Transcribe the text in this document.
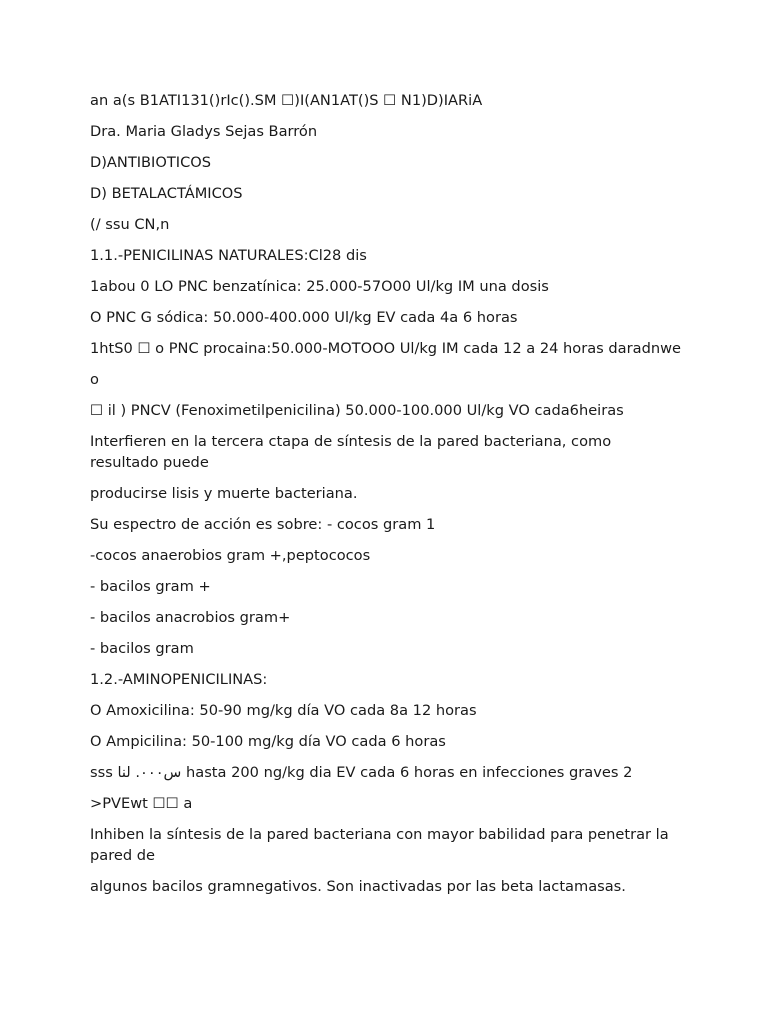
an a(s B1ATI131()rIc().SM ☐)I(AN1AT()S ☐ N1)D)IARiA

Dra. Maria Gladys Sejas Barrón

D)ANTIBIOTICOS

D) BETALACTÁMICOS

(/ ssu CN,n

1.1.-PENICILINAS NATURALES:Cl28 dis

1abou 0 LO PNC benzatínica: 25.000-57O00 Ul/kg IM una dosis

O PNC G sódica: 50.000-400.000 Ul/kg EV cada 4a 6 horas

1htS0 ☐ o PNC procaina:50.000-MOTOOO Ul/kg IM cada 12 a 24 horas daradnwe

o

☐ il ) PNCV (Fenoximetilpenicilina) 50.000-100.000 Ul/kg VO cada6heiras

Interfieren en la tercera ctapa de síntesis de la pared bacteriana, como resultado puede

producirse lisis y muerte bacteriana.

Su espectro de acción es sobre: - cocos gram 1

-cocos anaerobios gram +,peptococos

- bacilos gram +

- bacilos anacrobios gram+

- bacilos gram

1.2.-AMINOPENICILINAS:

O Amoxicilina: 50-90 mg/kg día VO cada 8a 12 horas

O Ampicilina: 50-100 mg/kg día VO cada 6 horas

sss س٠٠٠. لنا hasta 200 ng/kg dia EV cada 6 horas en infecciones graves 2

>PVEwt ☐☐ a

Inhiben la síntesis de la pared bacteriana con mayor babilidad para penetrar la pared de

algunos bacilos gramnegativos. Son inactivadas por las beta lactamasas.
